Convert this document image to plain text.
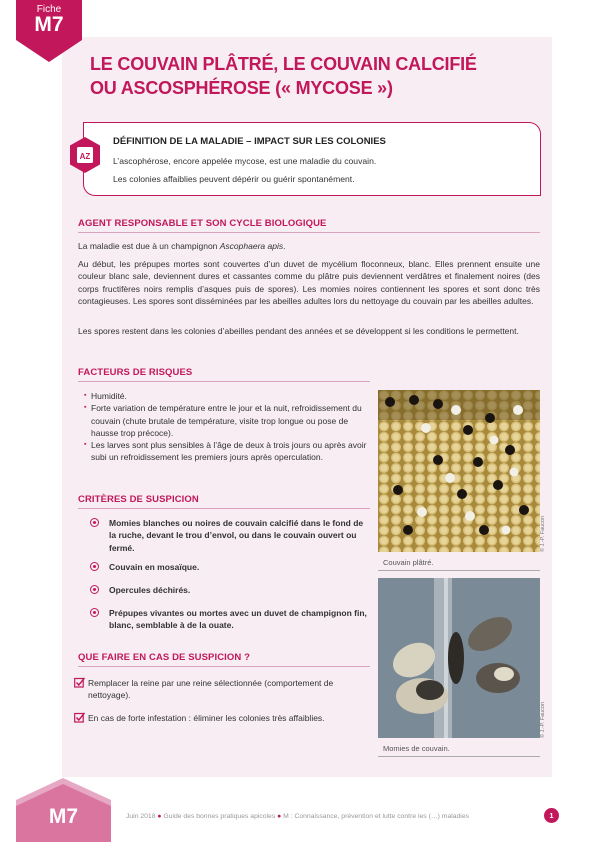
Fiche
M7
LE COUVAIN PLÂTRÉ, LE COUVAIN CALCIFIÉ
OU ASCOSPHÉROSE (« MYCOSE »)
AZ
DÉFINITION DE LA MALADIE – IMPACT SUR LES COLONIES
L’ascophérose, encore appelée mycose, est une maladie du couvain.
Les colonies affaiblies peuvent dépérir ou guérir spontanément.
AGENT RESPONSABLE ET SON CYCLE BIOLOGIQUE
La maladie est due à un champignon Ascophaera apis.
Au début, les prépupes mortes sont couvertes d’un duvet de mycélium floconneux, blanc. Elles prennent ensuite une couleur blanc sale, deviennent dures et cassantes comme du plâtre puis deviennent verdâtres et finalement noires (des corps fructifères noirs remplis d’asques puis de spores). Les momies noires contiennent les spores et sont donc très contagieuses. Les spores sont disséminées par les abeilles adultes lors du nettoyage du couvain par les abeilles adultes.
Les spores restent dans les colonies d’abeilles pendant des années et se développent si les conditions le permettent.
FACTEURS DE RISQUES
▪ Humidité.
▪ Forte variation de température entre le jour et la nuit, refroidissement du couvain (chute brutale de température, visite trop longue ou pose de hausse trop précoce).
▪ Les larves sont plus sensibles à l’âge de deux à trois jours ou après avoir subi un refroidissement les premiers jours après operculation.
CRITÈRES DE SUSPICION
Momies blanches ou noires de couvain calcifié dans le fond de la ruche, devant le trou d’envol, ou dans le couvain ouvert ou fermé.
Couvain en mosaïque.
Opercules déchirés.
Prépupes vivantes ou mortes avec un duvet de champignon fin, blanc, semblable à de la ouate.
QUE FAIRE EN CAS DE SUSPICION ?
Remplacer la reine par une reine sélectionnée (comportement de nettoyage).
En cas de forte infestation : éliminer les colonies très affaiblies.
Couvain plâtré.
© J.-P. Faucon
Momies de couvain.
© J.-P. Faucon
M7	Juin 2018 ● Guide des bonnes pratiques apicoles ● M : Connaissance, prévention et lutte contre les (…) maladies	1
